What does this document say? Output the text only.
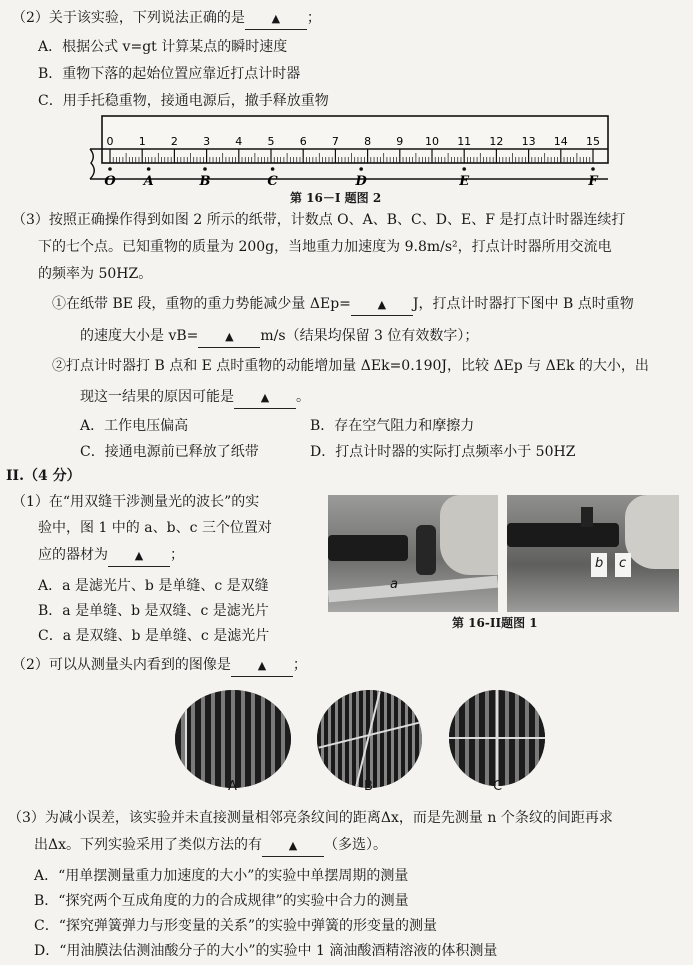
（2）关于该实验，下列说法正确的是 ▲ ；
A．根据公式 v=gt 计算某点的瞬时速度
B．重物下落的起始位置应靠近打点计时器
C．用手托稳重物，接通电源后，撤手释放重物
0 1 2 3 4 5 6 7 8 9 10 11 12 13 14 15
O A	B	C	D	E	F
第 16－I 题图 2
（3）按照正确操作得到如图 2 所示的纸带，计数点 O、A、B、C、D、E、F 是打点计时器连续打
下的七个点。已知重物的质量为 200g，当地重力加速度为 9.8m/s²，打点计时器所用交流电
的频率为 50HZ。
①在纸带 BE 段，重物的重力势能减少量 ΔEp= ▲ J，打点计时器打下图中 B 点时重物
的速度大小是 vB= ▲ m/s（结果均保留 3 位有效数字）；
②打点计时器打 B 点和 E 点时重物的动能增加量 ΔEk=0.190J，比较 ΔEp 与 ΔEk 的大小，出
现这一结果的原因可能是 ▲ 。
A．工作电压偏高	B．存在空气阻力和摩擦力
C．接通电源前已释放了纸带	D．打点计时器的实际打点频率小于 50HZ
II.（4 分）
（1）在“用双缝干涉测量光的波长”的实
验中，图 1 中的 a、b、c 三个位置对
应的器材为 ▲ ；
A．a 是滤光片、b 是单缝、c 是双缝
B．a 是单缝、b 是双缝、c 是滤光片
C．a 是双缝、b 是单缝、c 是滤光片
a
b c
第 16-II题图 1
（2）可以从测量头内看到的图像是 ▲ ；
A	B	C
（3）为减小误差，该实验并未直接测量相邻亮条纹间的距离Δx，而是先测量 n 个条纹的间距再求
出Δx。下列实验采用了类似方法的有 ▲ （多选）。
A．“用单摆测量重力加速度的大小”的实验中单摆周期的测量
B．“探究两个互成角度的力的合成规律”的实验中合力的测量
C．“探究弹簧弹力与形变量的关系”的实验中弹簧的形变量的测量
D．“用油膜法估测油酸分子的大小”的实验中 1 滴油酸酒精溶液的体积测量
